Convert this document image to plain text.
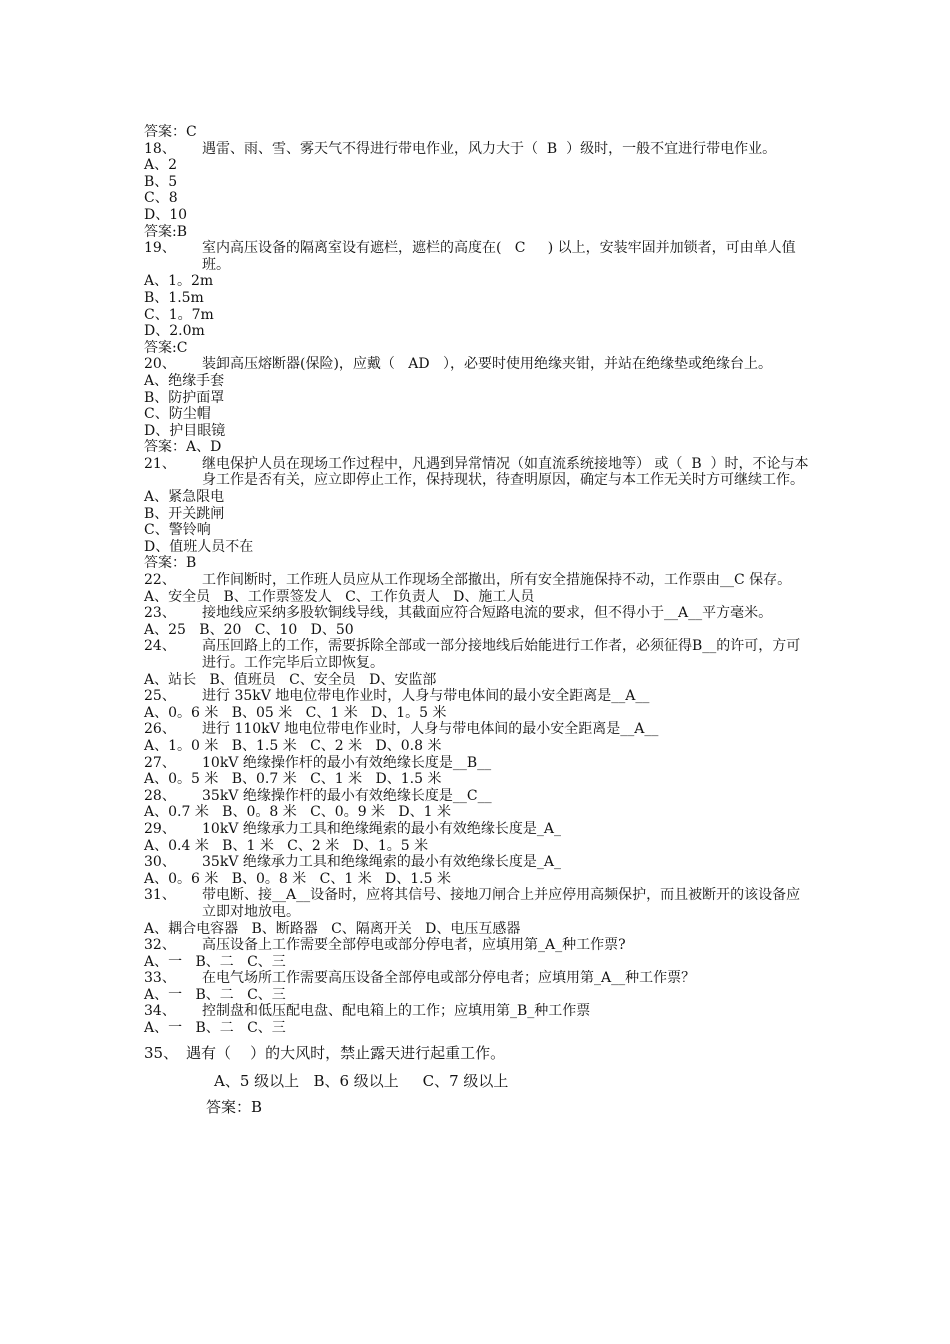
答案：C
18、	遇雷、雨、雪、雾天气不得进行带电作业，风力大于（  B  ）级时，一般不宜进行带电作业。
A、2
B、5
C、8
D、10
答案:B
19、	室内高压设备的隔离室设有遮栏，遮栏的高度在(   C     ) 以上，安装牢固并加锁者，可由单人值班。
A、1。2m
B、1.5m
C、1。7m
D、2.0m
答案:C
20、	装卸高压熔断器(保险)，应戴（   AD   ），必要时使用绝缘夹钳，并站在绝缘垫或绝缘台上。
A、绝缘手套
B、防护面罩
C、防尘帽
D、护目眼镜
答案：A、D
21、	继电保护人员在现场工作过程中，凡遇到异常情况（如直流系统接地等） 或（  B  ）时，不论与本身工作是否有关，应立即停止工作，保持现状，待查明原因，确定与本工作无关时方可继续工作。
A、紧急限电
B、开关跳闸
C、警铃响
D、值班人员不在
答案：B
22、	工作间断时，工作班人员应从工作现场全部撤出，所有安全措施保持不动，工作票由__C 保存。
A、安全员   B、工作票签发人   C、工作负责人   D、施工人员
23、	接地线应采纳多股软铜线导线，其截面应符合短路电流的要求，但不得小于__A__平方毫米。
A、25   B、20   C、10   D、50
24、	高压回路上的工作，需要拆除全部或一部分接地线后始能进行工作者，必须征得B__的许可，方可进行。工作完毕后立即恢复。
A、站长   B、值班员   C、安全员   D、安监部
25、	进行 35kV 地电位带电作业时，人身与带电体间的最小安全距离是__A__
A、0。6 米   B、05 米   C、1 米   D、1。5 米
26、	进行 110kV 地电位带电作业时，人身与带电体间的最小安全距离是__A__
A、1。0 米   B、1.5 米   C、2 米   D、0.8 米
27、	10kV 绝缘操作杆的最小有效绝缘长度是__B__
A、0。5 米   B、0.7 米   C、1 米   D、1.5 米
28、	35kV 绝缘操作杆的最小有效绝缘长度是__C__
A、0.7 米   B、0。8 米   C、0。9 米   D、1 米
29、	10kV 绝缘承力工具和绝缘绳索的最小有效绝缘长度是_A_
A、0.4 米   B、1 米   C、2 米   D、1。5 米
30、	35kV 绝缘承力工具和绝缘绳索的最小有效绝缘长度是_A_
A、0。6 米   B、0。8 米   C、1 米   D、1.5 米
31、	带电断、接__A__设备时，应将其信号、接地刀闸合上并应停用高频保护，而且被断开的该设备应立即对地放电。
A、耦合电容器   B、断路器   C、隔离开关   D、电压互感器
32、	高压设备上工作需要全部停电或部分停电者，应填用第_A_种工作票?
A、一   B、二   C、三
33、	在电气场所工作需要高压设备全部停电或部分停电者；应填用第_A__种工作票？
A、一   B、二   C、三
34、	控制盘和低压配电盘、配电箱上的工作；应填用第_B_种工作票
A、一   B、二   C、三
35、 遇有（    ）的大风时，禁止露天进行起重工作。
A、5 级以上   B、6 级以上     C、7 级以上
答案：B
